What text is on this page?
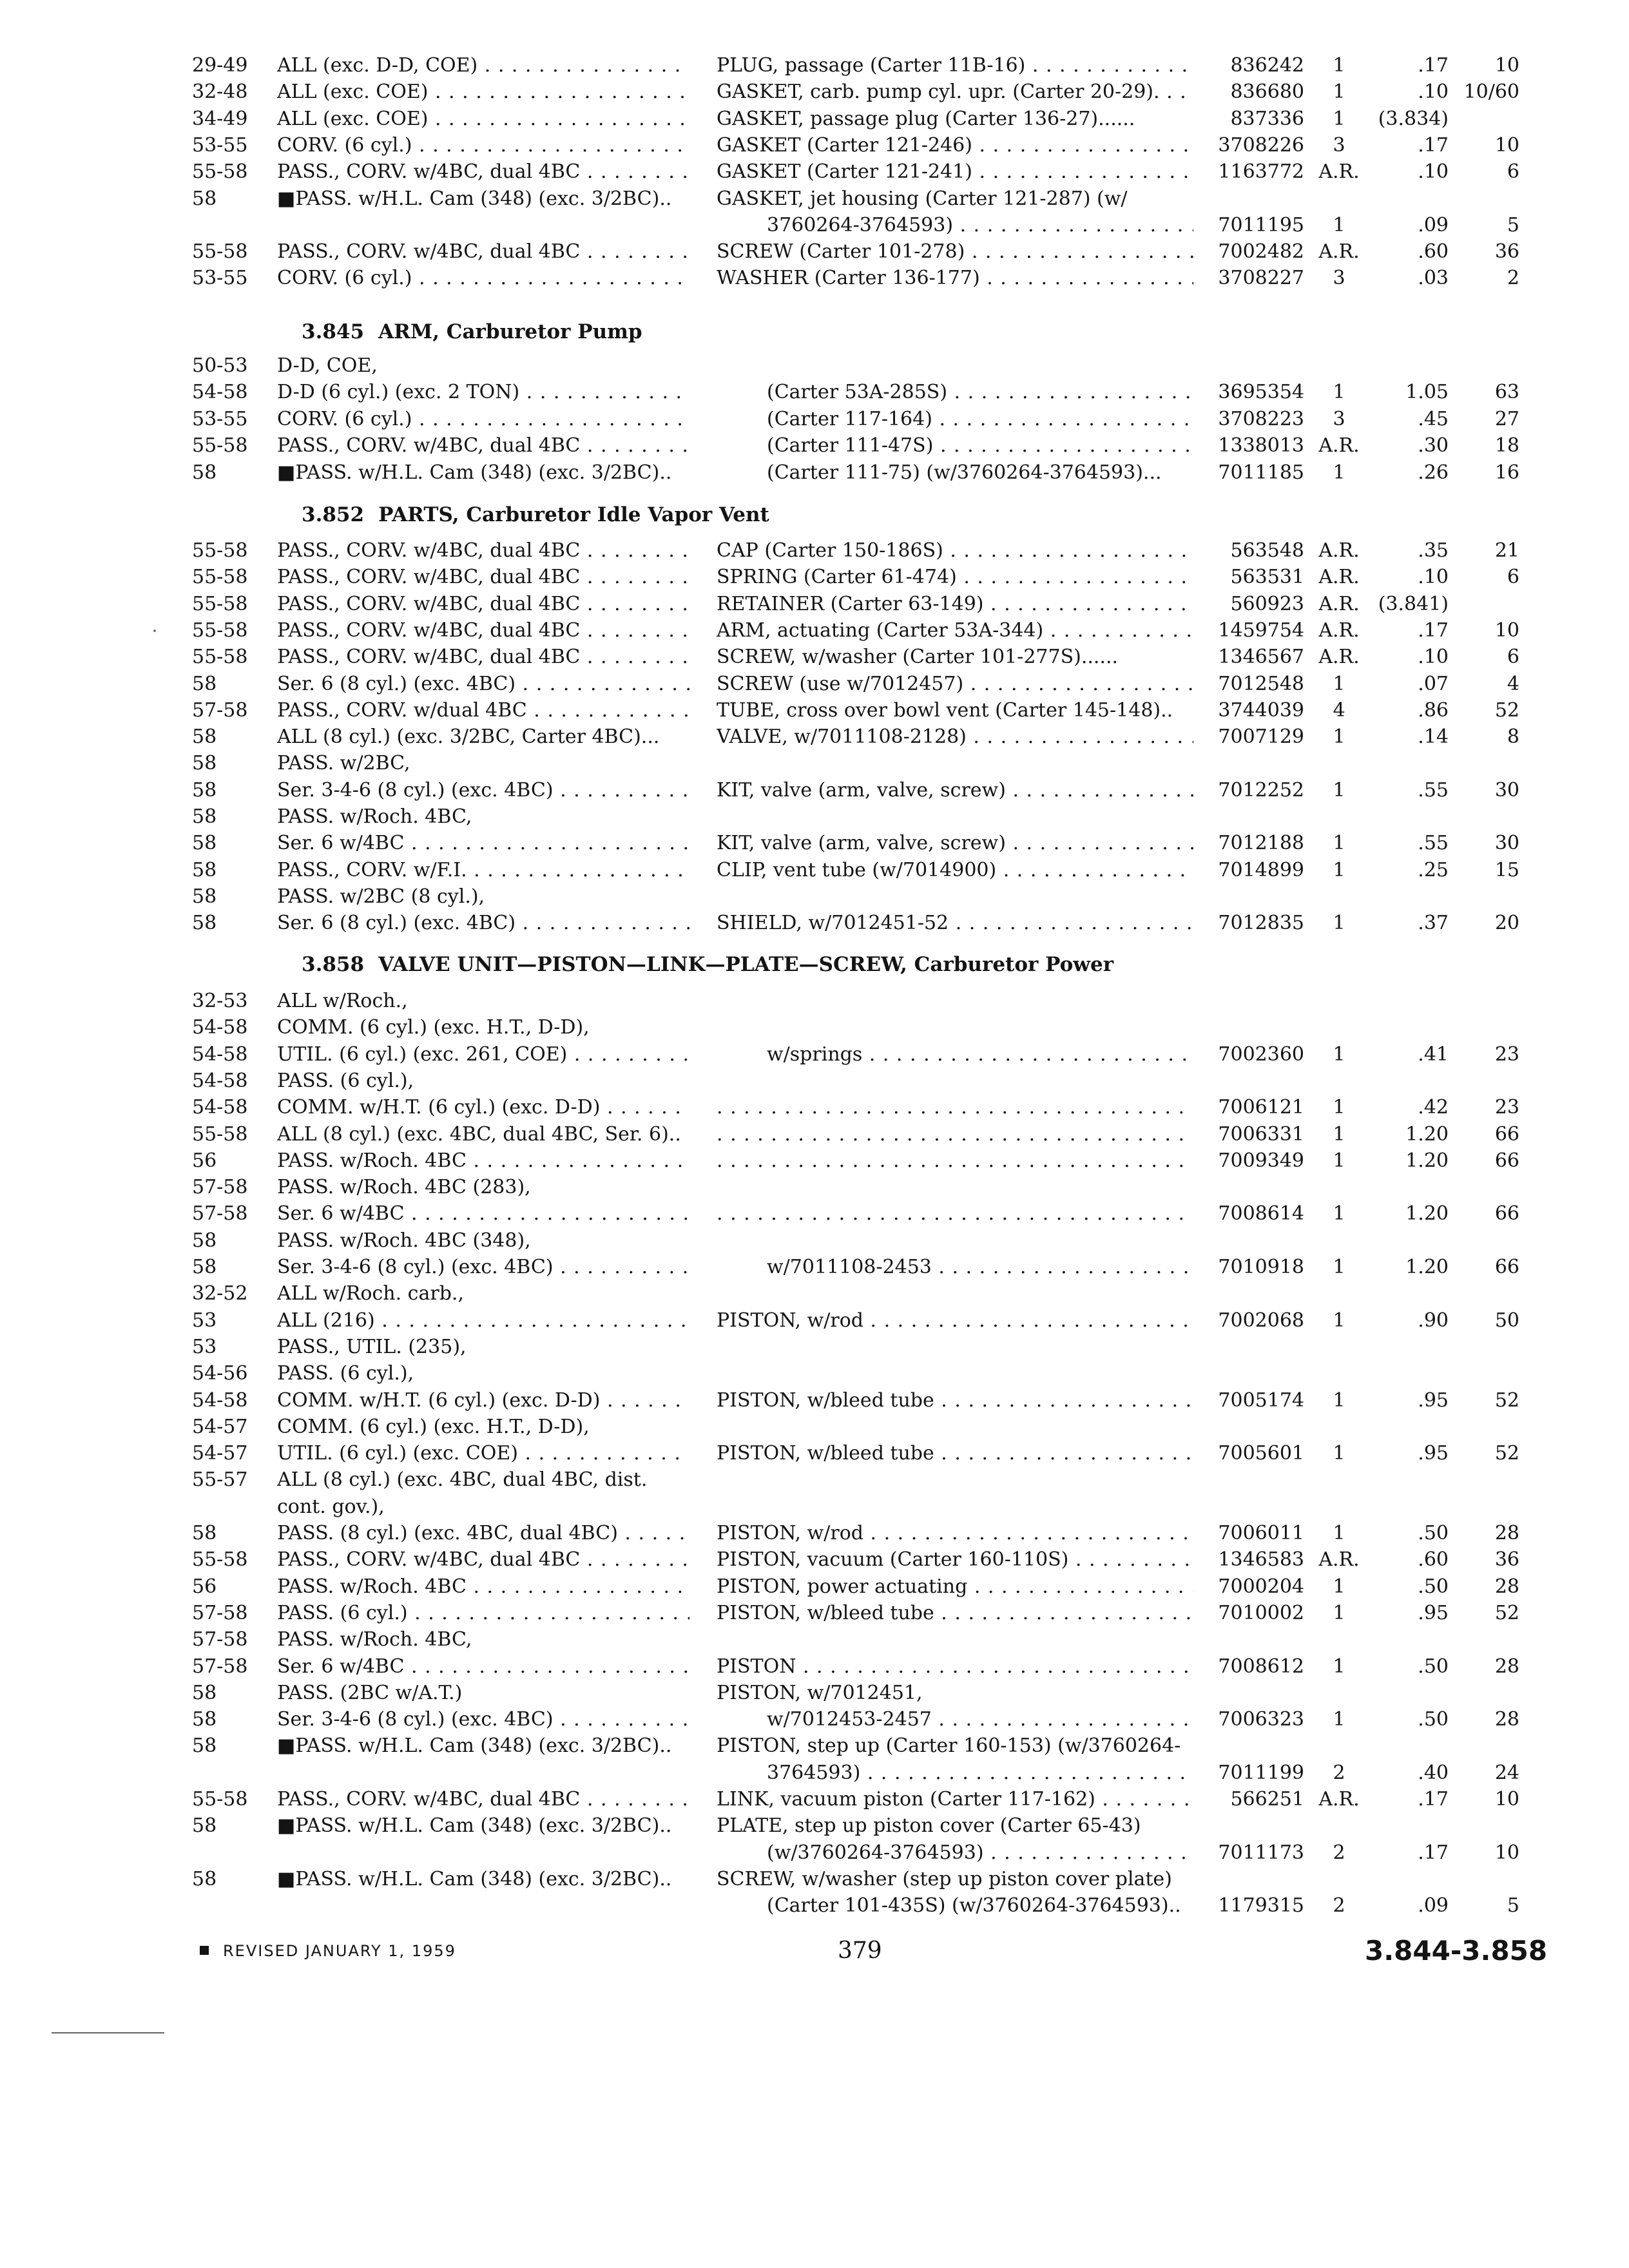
29-49	ALL (exc. D-D, COE) . . .	PLUG, passage (Carter 11B-16) . . .	836242	1	.17	10
32-48	ALL (exc. COE) . . .	GASKET, carb. pump cyl. upr. (Carter 20-29). . . .	836680	1	.10 10/60
34-49	ALL (exc. COE) . . .	GASKET, passage plug (Carter 136-27)......	837336	1	(3.834)
53-55	CORV. (6 cyl.) . . .	GASKET (Carter 121-246) . . .	3708226	3	.17	10
55-58	PASS., CORV. w/4BC, dual 4BC . . .	GASKET (Carter 121-241) . . .	1163772 A.R.	.10	6
58	■PASS. w/H.L. Cam (348) (exc. 3/2BC)..	GASKET, jet housing (Carter 121-287) (w/
3760264-3764593) . . .	7011195	1	.09	5
55-58	PASS., CORV. w/4BC, dual 4BC . . .	SCREW (Carter 101-278) . . .	7002482 A.R.	.60	36
53-55	CORV. (6 cyl.) . . .	WASHER (Carter 136-177) . . .	3708227	3	.03	2
3.845 ARM, Carburetor Pump
50-53	D-D, COE,
54-58	D-D (6 cyl.) (exc. 2 TON) . . .	(Carter 53A-285S) . . .	3695354	1	1.05	63
53-55	CORV. (6 cyl.) . . .	(Carter 117-164) . . .	3708223	3	.45	27
55-58	PASS., CORV. w/4BC, dual 4BC . . .	(Carter 111-47S) . . .	1338013 A.R.	.30	18
58	■PASS. w/H.L. Cam (348) (exc. 3/2BC)..	(Carter 111-75) (w/3760264-3764593)...	7011185	1	.26	16
3.852 PARTS, Carburetor Idle Vapor Vent
55-58	PASS., CORV. w/4BC, dual 4BC . . .	CAP (Carter 150-186S) . . .	563548 A.R.	.35	21
55-58	PASS., CORV. w/4BC, dual 4BC . . .	SPRING (Carter 61-474) . . .	563531 A.R.	.10	6
55-58	PASS., CORV. w/4BC, dual 4BC . . .	RETAINER (Carter 63-149) . . .	560923 A.R. (3.841)
55-58	PASS., CORV. w/4BC, dual 4BC . . .	ARM, actuating (Carter 53A-344) . . .	1459754 A.R.	.17	10
55-58	PASS., CORV. w/4BC, dual 4BC . . .	SCREW, w/washer (Carter 101-277S)......	1346567 A.R.	.10	6
58	Ser. 6 (8 cyl.) (exc. 4BC) . . .	SCREW (use w/7012457) . . .	7012548	1	.07	4
57-58	PASS., CORV. w/dual 4BC . . .	TUBE, cross over bowl vent (Carter 145-148)..	3744039	4	.86	52
58	ALL (8 cyl.) (exc. 3/2BC, Carter 4BC)...	VALVE, w/7011108-2128) . . .	7007129	1	.14	8
58	PASS. w/2BC,
58	Ser. 3-4-6 (8 cyl.) (exc. 4BC) . . .	KIT, valve (arm, valve, screw) . . .	7012252	1	.55	30
58	PASS. w/Roch. 4BC,
58	Ser. 6 w/4BC . . .	KIT, valve (arm, valve, screw) . . .	7012188	1	.55	30
58	PASS., CORV. w/F.I. . . .	CLIP, vent tube (w/7014900) . . .	7014899	1	.25	15
58	PASS. w/2BC (8 cyl.),
58	Ser. 6 (8 cyl.) (exc. 4BC) . . .	SHIELD, w/7012451-52 . . .	7012835	1	.37	20
3.858 VALVE UNIT—PISTON—LINK—PLATE—SCREW, Carburetor Power
32-53	ALL w/Roch.,
54-58	COMM. (6 cyl.) (exc. H.T., D-D),
54-58	UTIL. (6 cyl.) (exc. 261, COE) . . .	w/springs . . .	7002360	1	.41	23
54-58	PASS. (6 cyl.),
54-58	COMM. w/H.T. (6 cyl.) (exc. D-D) . . . . . .	7006121	1	.42	23
55-58	ALL (8 cyl.) (exc. 4BC, dual 4BC, Ser. 6).. . . .	7006331	1	1.20	66
56	PASS. w/Roch. 4BC . . . . . .	7009349	1	1.20	66
57-58	PASS. w/Roch. 4BC (283),
57-58	Ser. 6 w/4BC . . . . . .	7008614	1	1.20	66
58	PASS. w/Roch. 4BC (348),
58	Ser. 3-4-6 (8 cyl.) (exc. 4BC) . . .	w/7011108-2453 . . .	7010918	1	1.20	66
32-52	ALL w/Roch. carb.,
53	ALL (216) . . .	PISTON, w/rod . . .	7002068	1	.90	50
53	PASS., UTIL. (235),
54-56	PASS. (6 cyl.),
54-58	COMM. w/H.T. (6 cyl.) (exc. D-D) . . .	PISTON, w/bleed tube . . .	7005174	1	.95	52
54-57	COMM. (6 cyl.) (exc. H.T., D-D),
54-57	UTIL. (6 cyl.) (exc. COE) . . .	PISTON, w/bleed tube . . .	7005601	1	.95	52
55-57	ALL (8 cyl.) (exc. 4BC, dual 4BC, dist.
cont. gov.),
58	PASS. (8 cyl.) (exc. 4BC, dual 4BC) . . .	PISTON, w/rod . . .	7006011	1	.50	28
55-58	PASS., CORV. w/4BC, dual 4BC . . .	PISTON, vacuum (Carter 160-110S) . . .	1346583 A.R.	.60	36
56	PASS. w/Roch. 4BC . . .	PISTON, power actuating . . .	7000204	1	.50	28
57-58	PASS. (6 cyl.) . . .	PISTON, w/bleed tube . . .	7010002	1	.95	52
57-58	PASS. w/Roch. 4BC,
57-58	Ser. 6 w/4BC . . .	PISTON . . .	7008612	1	.50	28
58	PASS. (2BC w/A.T.)	PISTON, w/7012451,
58	Ser. 3-4-6 (8 cyl.) (exc. 4BC) . . .	w/7012453-2457 . . .	7006323	1	.50	28
58	■PASS. w/H.L. Cam (348) (exc. 3/2BC)..	PISTON, step up (Carter 160-153) (w/3760264-
3764593) . . .	7011199	2	.40	24
55-58	PASS., CORV. w/4BC, dual 4BC . . .	LINK, vacuum piston (Carter 117-162) . . .	566251 A.R.	.17	10
58	■PASS. w/H.L. Cam (348) (exc. 3/2BC)..	PLATE, step up piston cover (Carter 65-43)
(w/3760264-3764593) . . .	7011173	2	.17	10
58	■PASS. w/H.L. Cam (348) (exc. 3/2BC)..	SCREW, w/washer (step up piston cover plate)
(Carter 101-435S) (w/3760264-3764593)..	1179315	2	.09	5
REVISED JANUARY 1, 1959	379	3.844-3.858
